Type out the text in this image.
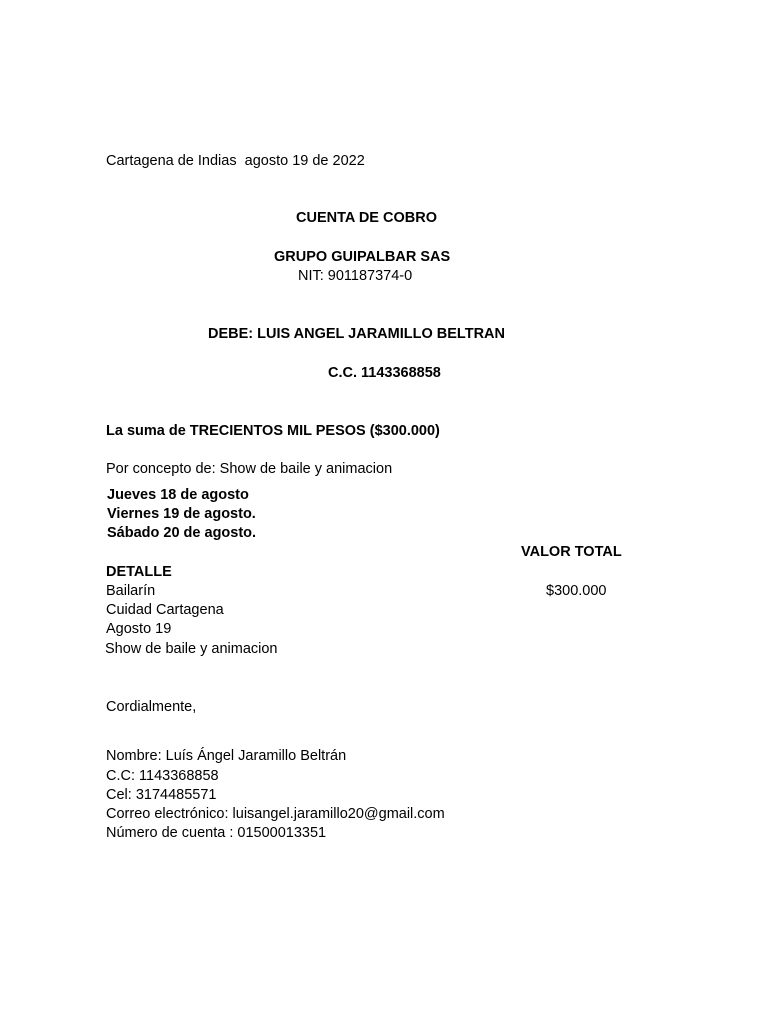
Cartagena de Indias  agosto 19 de 2022
CUENTA DE COBRO
GRUPO GUIPALBAR SAS
NIT: 901187374-0
DEBE: LUIS ANGEL JARAMILLO BELTRAN
C.C. 1143368858
La suma de TRECIENTOS MIL PESOS ($300.000)
Por concepto de: Show de baile y animacion
Jueves 18 de agosto
Viernes 19 de agosto.
Sábado 20 de agosto.
VALOR TOTAL
DETALLE
Bailarín
Cuidad Cartagena
Agosto 19
Show de baile y animacion
$300.000
Cordialmente,
Nombre: Luís Ángel Jaramillo Beltrán
C.C: 1143368858
Cel: 3174485571
Correo electrónico: luisangel.jaramillo20@gmail.com
Número de cuenta : 01500013351
